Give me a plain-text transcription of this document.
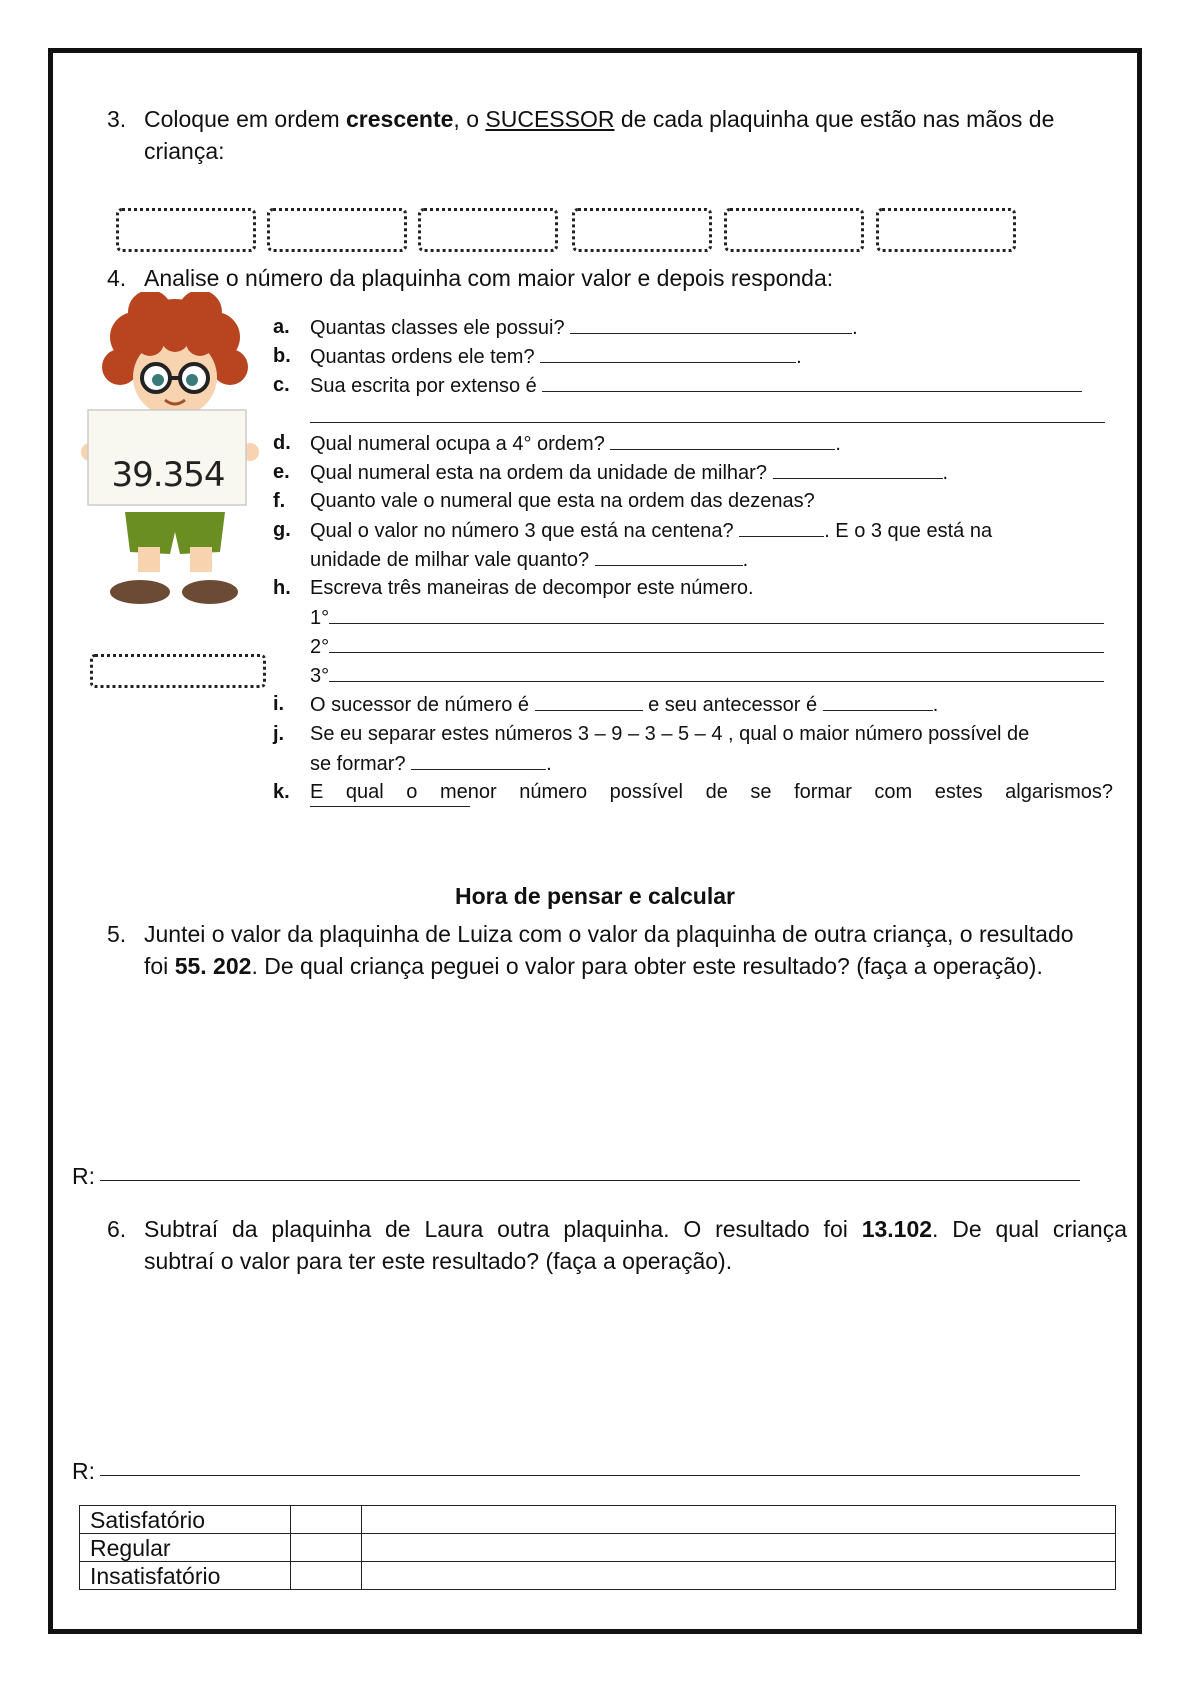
3. Coloque em ordem crescente, o SUCESSOR de cada plaquinha que estão nas mãos de
criança:
4. Analise o número da plaquinha com maior valor e depois responda:
39.354
a. Quantas classes ele possui?	.
b. Quantas ordens ele tem?	.
c. Sua escrita por extenso é
d. Qual numeral ocupa a 4° ordem?	.
e. Qual numeral esta na ordem da unidade de milhar?	.
f. Quanto vale o numeral que esta na ordem das dezenas?
g. Qual o valor no número 3 que está na centena?	. E o 3 que está na
unidade de milhar vale quanto?	.
h. Escreva três maneiras de decompor este número.
1°
2°
3°
i. O sucessor de número é	e seu antecessor é	.
j. Se eu separar estes números 3 – 9 – 3 – 5 – 4 , qual o maior número possível de
se formar?	.
k. E qual o menor número possível de se formar com estes algarismos?
Hora de pensar e calcular
5. Juntei o valor da plaquinha de Luiza com o valor da plaquinha de outra criança, o resultado
foi 55. 202. De qual criança peguei o valor para obter este resultado? (faça a operação).
R:
6. Subtraí da plaquinha de Laura outra plaquinha. O resultado foi 13.102. De qual criança
subtraí o valor para ter este resultado? (faça a operação).
R:
Satisfatório		
Regular		
Insatisfatório		
